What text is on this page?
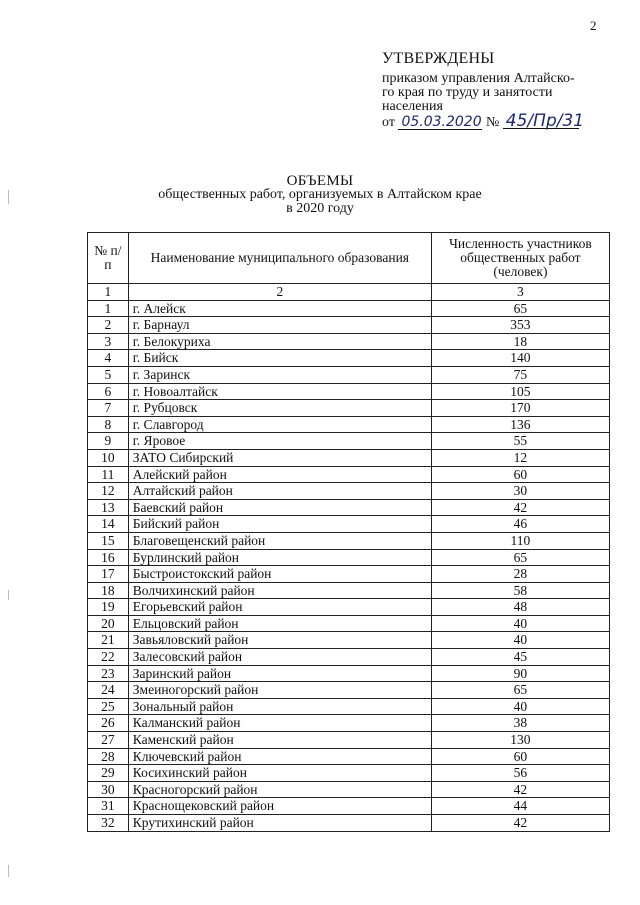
2
УТВЕРЖДЕНЫ
приказом управления Алтайско-
го края по труду и занятости
населения
от 05.03.2020 № 45/Пр/31
ОБЪЕМЫ
общественных работ, организуемых в Алтайском крае
в 2020 году
№ п/п	Наименование муниципального образования	Численность участников общественных работ (человек)
1	2	3
1	г. Алейск	65
2	г. Барнаул	353
3	г. Белокуриха	18
4	г. Бийск	140
5	г. Заринск	75
6	г. Новоалтайск	105
7	г. Рубцовск	170
8	г. Славгород	136
9	г. Яровое	55
10	ЗАТО Сибирский	12
11	Алейский район	60
12	Алтайский район	30
13	Баевский район	42
14	Бийский район	46
15	Благовещенский район	110
16	Бурлинский район	65
17	Быстроистокский район	28
18	Волчихинский район	58
19	Егорьевский район	48
20	Ельцовский район	40
21	Завьяловский район	40
22	Залесовский район	45
23	Заринский район	90
24	Змеиногорский район	65
25	Зональный район	40
26	Калманский район	38
27	Каменский район	130
28	Ключевский район	60
29	Косихинский район	56
30	Красногорский район	42
31	Краснощековский район	44
32	Крутихинский район	42
